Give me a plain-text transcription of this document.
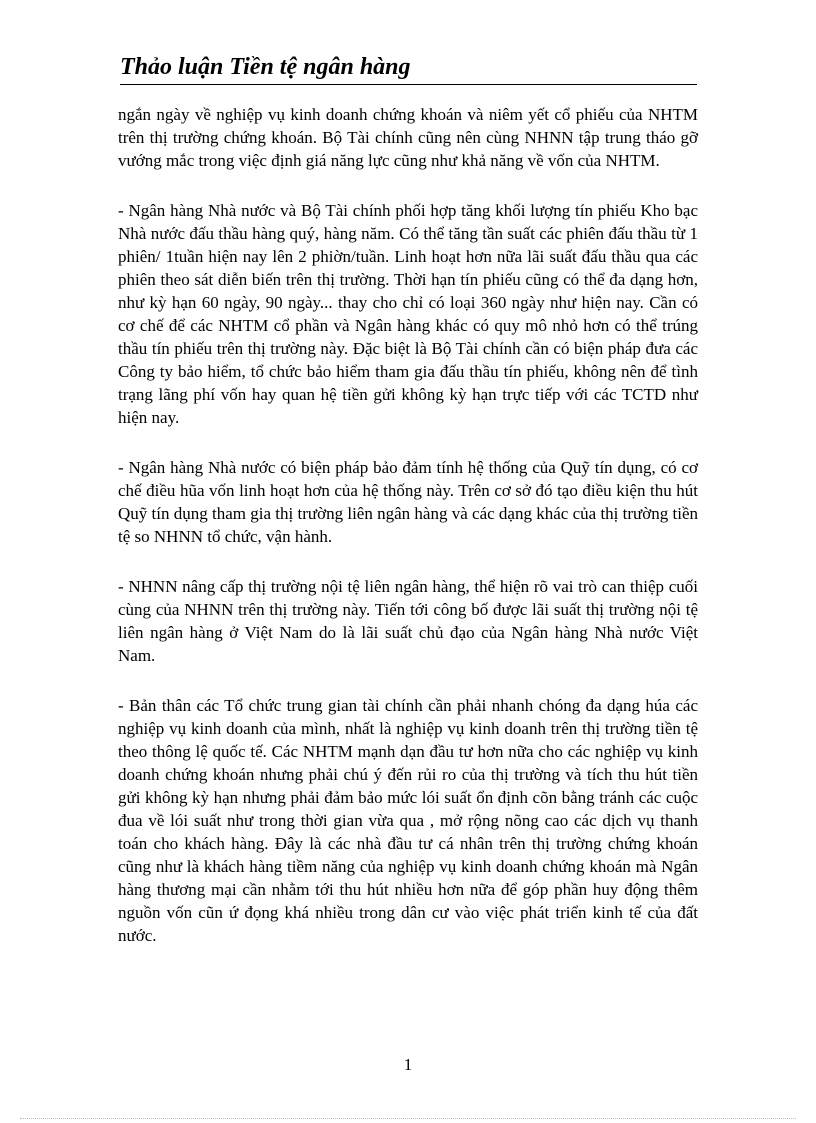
Thảo luận Tiền tệ ngân hàng

ngắn ngày về nghiệp vụ kinh doanh chứng khoán và niêm yết cổ phiếu của NHTM trên thị trường chứng khoán. Bộ Tài chính cũng nên cùng NHNN tập trung tháo gỡ vướng mắc trong việc định giá năng lực cũng như khả năng về vốn của NHTM.

- Ngân hàng Nhà nước và Bộ Tài chính phối hợp tăng khối lượng tín phiếu Kho bạc Nhà nước đấu thầu hàng quý, hàng năm. Có thể tăng tần suất các phiên đấu thầu từ 1 phiên/ 1tuần hiện nay lên 2 phiờn/tuần. Linh hoạt hơn nữa lãi suất đấu thầu qua các phiên theo sát diễn biến trên thị trường. Thời hạn tín phiếu cũng có thể đa dạng hơn, như kỳ hạn 60 ngày, 90 ngày... thay cho chỉ có loại 360 ngày như hiện nay. Cần có cơ chế để các NHTM cổ phần và Ngân hàng khác có quy mô nhỏ hơn có thể trúng thầu tín phiếu trên thị trường này. Đặc biệt là Bộ Tài chính cần có biện pháp đưa các Công ty bảo hiểm, tổ chức bảo hiểm tham gia đấu thầu tín phiếu, không nên để tình trạng lãng phí vốn hay quan hệ tiền gửi không kỳ hạn trực tiếp với các TCTD như hiện nay.

- Ngân hàng Nhà nước có biện pháp bảo đảm tính hệ thống của Quỹ tín dụng, có cơ chế điều hũa vốn linh hoạt hơn của hệ thống này. Trên cơ sở đó tạo điều kiện thu hút Quỹ tín dụng tham gia thị trường liên ngân hàng và các dạng khác của thị trường tiền tệ so NHNN tổ chức, vận hành.

- NHNN nâng cấp thị trường nội tệ liên ngân hàng, thể hiện rõ vai trò can thiệp cuối cùng của NHNN trên thị trường này. Tiến tới công bố được lãi suất thị trường nội tệ liên ngân hàng ở Việt Nam do là lãi suất chủ đạo của Ngân hàng Nhà nước Việt Nam.

- Bản thân các Tổ chức trung gian tài chính cần phải nhanh chóng đa dạng húa các nghiệp vụ kinh doanh của mình, nhất là nghiệp vụ kinh doanh trên thị trường tiền tệ theo thông lệ quốc tế. Các NHTM mạnh dạn đầu tư hơn nữa cho các nghiệp vụ kinh doanh chứng khoán nhưng phải chú ý đến rủi ro của thị trường và tích thu hút tiền gửi không kỳ hạn nhưng phải đảm bảo mức lói suất ổn định cõn bằng tránh các cuộc đua về lói suất như trong thời gian vừa qua , mở rộng nõng cao các dịch vụ thanh toán cho khách hàng. Đây là các nhà đầu tư cá nhân trên thị trường chứng khoán cũng như là khách hàng tiềm năng của nghiệp vụ kinh doanh chứng khoán mà Ngân hàng thương mại cần nhằm tới thu hút nhiều hơn nữa để góp phần huy động thêm nguồn vốn cũn ứ đọng khá nhiều trong dân cư vào việc phát triển kinh tế của đất nước.

1
